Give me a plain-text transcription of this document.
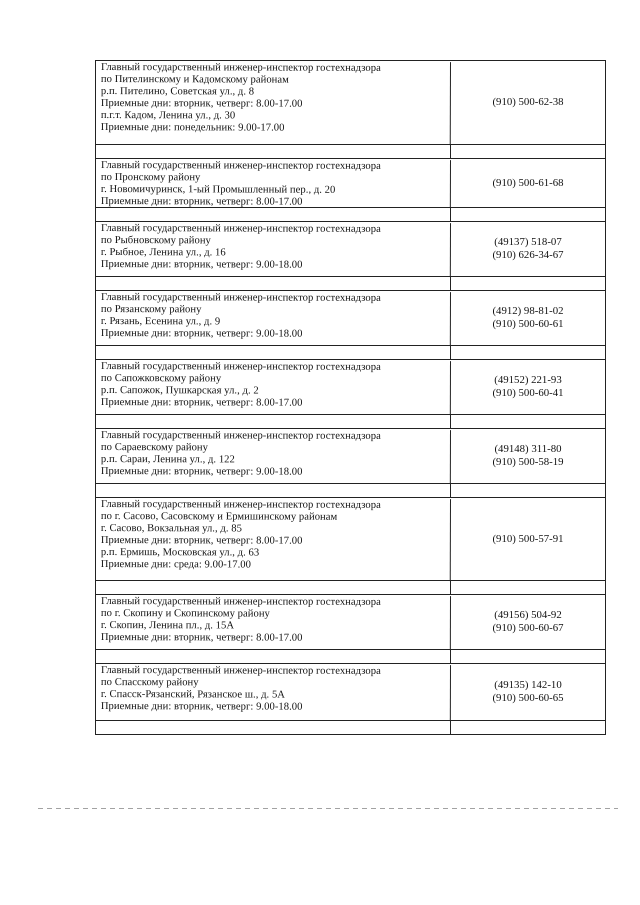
Главный государственный инженер-инспектор гостехнадзора
по Пителинскому и Кадомскому районам
р.п. Пителино, Советская ул., д. 8
Приемные дни: вторник, четверг: 8.00-17.00
п.г.т. Кадом, Ленина ул., д. 30
Приемные дни: понедельник: 9.00-17.00
(910) 500-62-38
Главный государственный инженер-инспектор гостехнадзора
по Пронскому району
г. Новомичуринск, 1-ый Промышленный пер., д. 20
Приемные дни: вторник, четверг: 8.00-17.00
(910) 500-61-68
Главный государственный инженер-инспектор гостехнадзора
по Рыбновскому району
г. Рыбное, Ленина ул., д. 16
Приемные дни: вторник, четверг: 9.00-18.00
(49137) 518-07
(910) 626-34-67
Главный государственный инженер-инспектор гостехнадзора
по Рязанскому району
г. Рязань, Есенина ул., д. 9
Приемные дни: вторник, четверг: 9.00-18.00
(4912) 98-81-02
(910) 500-60-61
Главный государственный инженер-инспектор гостехнадзора
по Сапожковскому району
р.п. Сапожок, Пушкарская ул., д. 2
Приемные дни: вторник, четверг: 8.00-17.00
(49152) 221-93
(910) 500-60-41
Главный государственный инженер-инспектор гостехнадзора
по Сараевскому району
р.п. Сараи, Ленина ул., д. 122
Приемные дни: вторник, четверг: 9.00-18.00
(49148) 311-80
(910) 500-58-19
Главный государственный инженер-инспектор гостехнадзора
по г. Сасово, Сасовскому и Ермишинскому районам
г. Сасово, Вокзальная ул., д. 85
Приемные дни: вторник, четверг: 8.00-17.00
р.п. Ермишь, Московская ул., д. 63
Приемные дни: среда: 9.00-17.00
(910) 500-57-91
Главный государственный инженер-инспектор гостехнадзора
по г. Скопину и Скопинскому району
г. Скопин, Ленина пл., д. 15А
Приемные дни: вторник, четверг: 8.00-17.00
(49156) 504-92
(910) 500-60-67
Главный государственный инженер-инспектор гостехнадзора
по Спасскому району
г. Спасск-Рязанский, Рязанское ш., д. 5А
Приемные дни: вторник, четверг: 9.00-18.00
(49135) 142-10
(910) 500-60-65
